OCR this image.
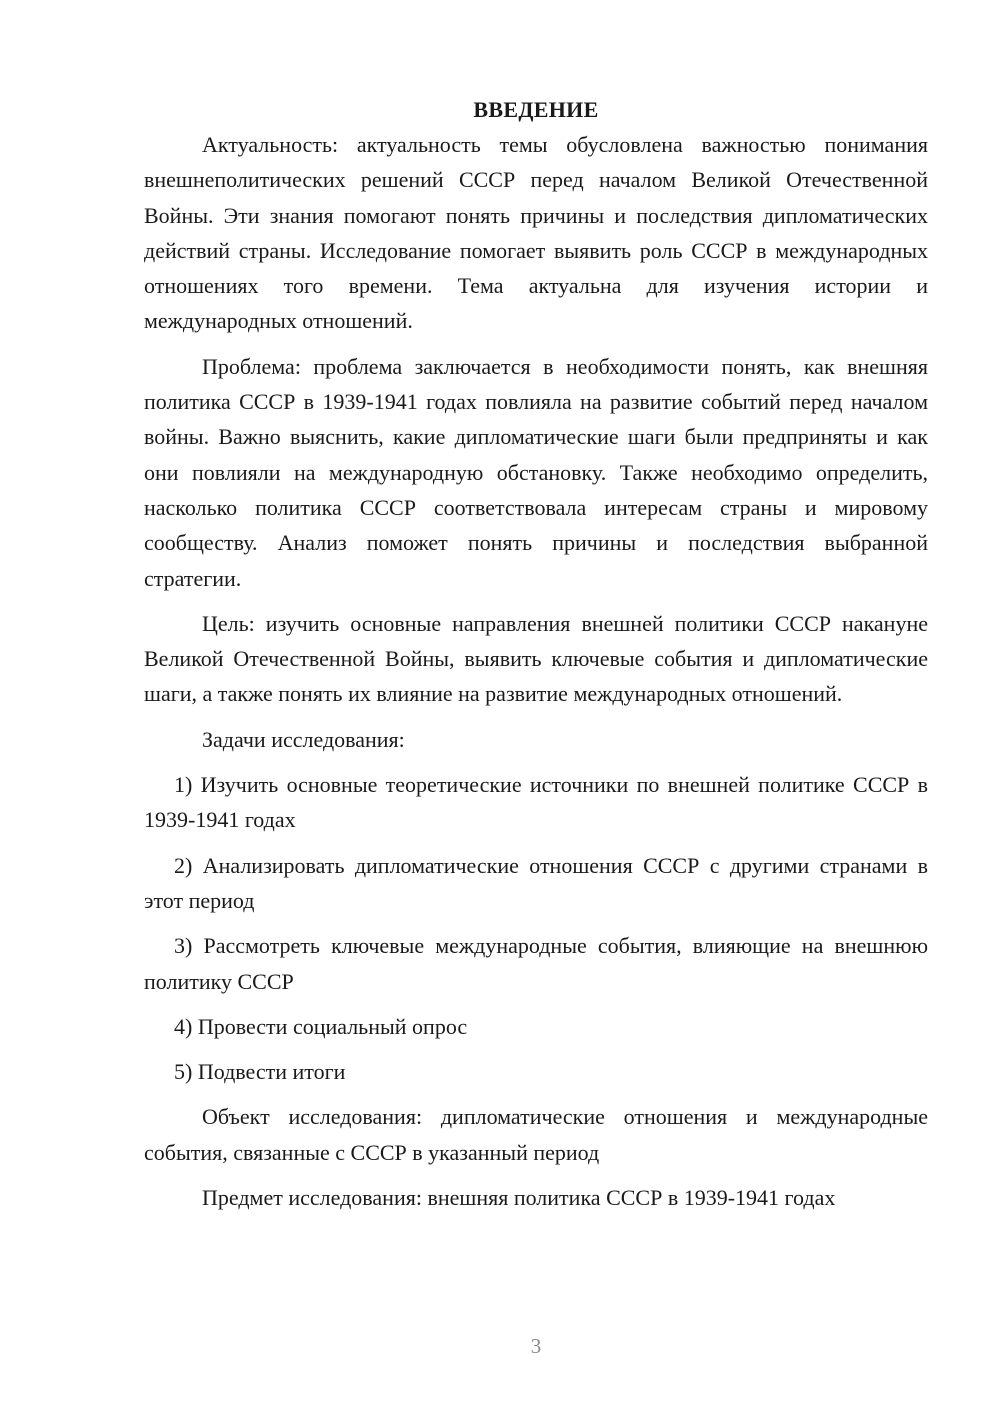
ВВЕДЕНИЕ

Актуальность: актуальность темы обусловлена важностью понимания внешнеполитических решений СССР перед началом Великой Отечественной Войны. Эти знания помогают понять причины и последствия дипломатических действий страны. Исследование помогает выявить роль СССР в международных отношениях того времени. Тема актуальна для изучения истории и международных отношений.

Проблема: проблема заключается в необходимости понять, как внешняя политика СССР в 1939-1941 годах повлияла на развитие событий перед началом войны. Важно выяснить, какие дипломатические шаги были предприняты и как они повлияли на международную обстановку. Также необходимо определить, насколько политика СССР соответствовала интересам страны и мировому сообществу. Анализ поможет понять причины и последствия выбранной стратегии.

Цель: изучить основные направления внешней политики СССР накануне Великой Отечественной Войны, выявить ключевые события и дипломатические шаги, а также понять их влияние на развитие международных отношений.

Задачи исследования:

1) Изучить основные теоретические источники по внешней политике СССР в 1939-1941 годах

2) Анализировать дипломатические отношения СССР с другими странами в этот период

3) Рассмотреть ключевые международные события, влияющие на внешнюю политику СССР

4) Провести социальный опрос

5) Подвести итоги

Объект исследования: дипломатические отношения и международные события, связанные с СССР в указанный период

Предмет исследования: внешняя политика СССР в 1939-1941 годах

3
